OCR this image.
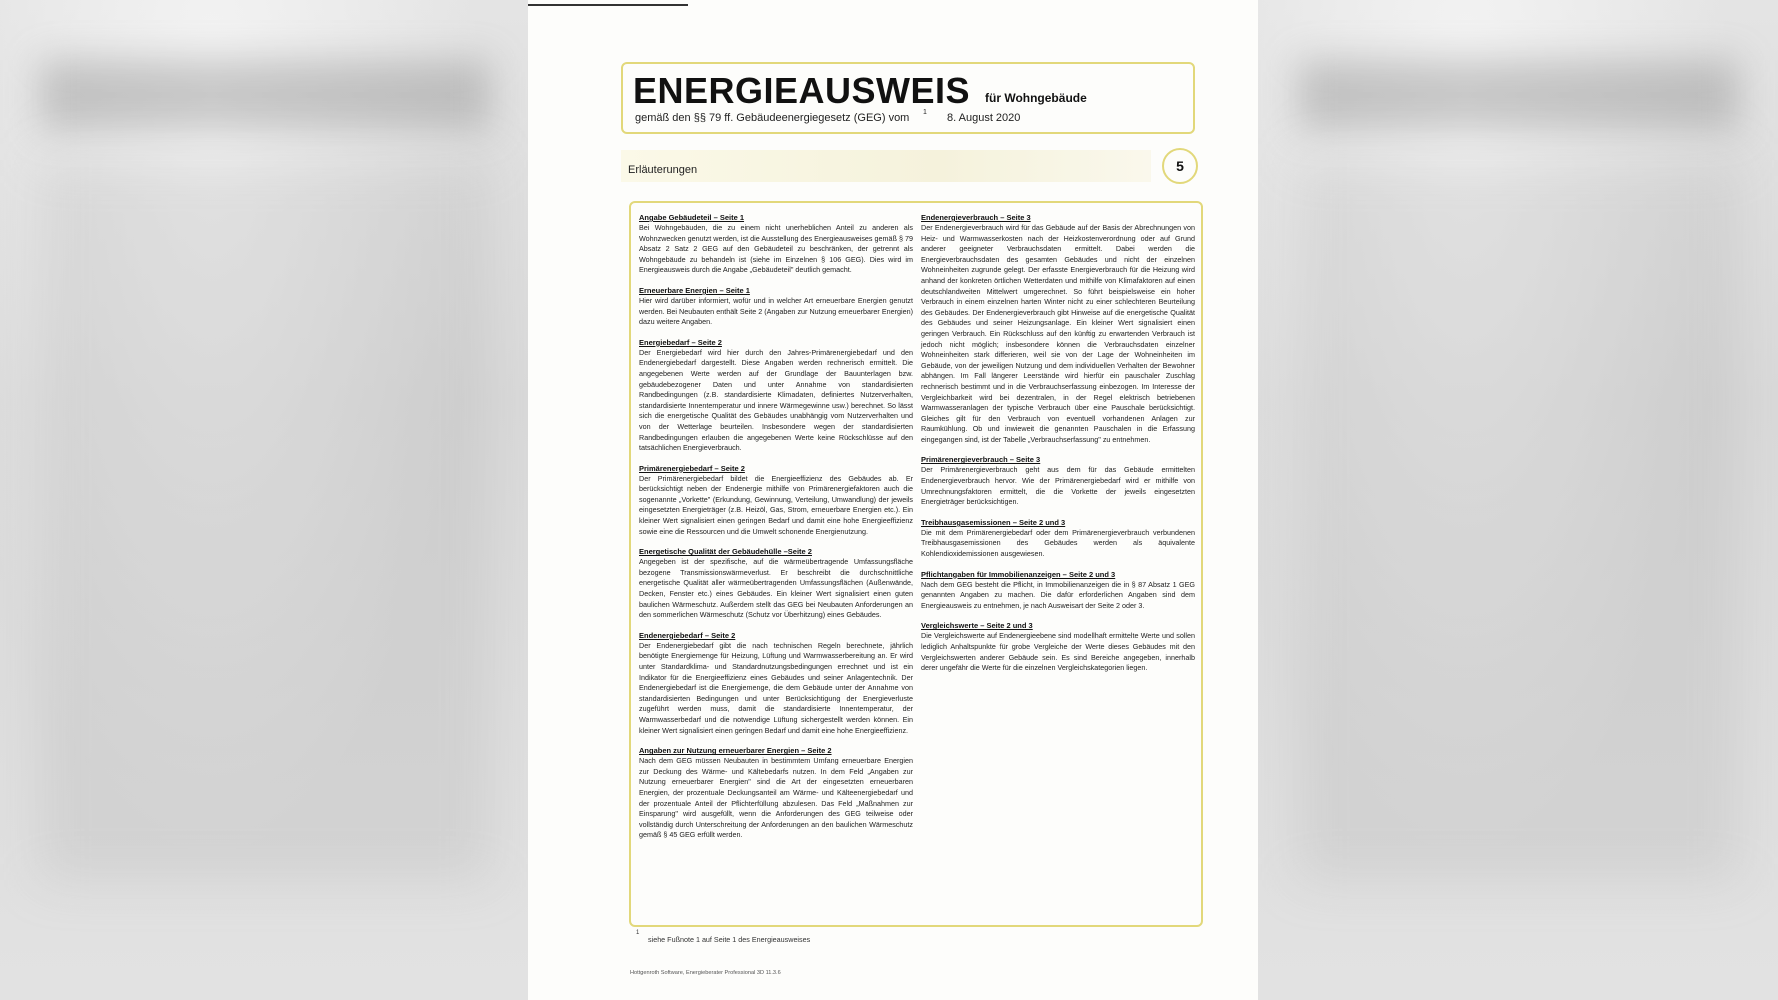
ENERGIEAUSWEIS für Wohngebäude
gemäß den §§ 79 ff. Gebäudeenergiegesetz (GEG) vom 1 8. August 2020
Erläuterungen	5
Angabe Gebäudeteil – Seite 1
Bei Wohngebäuden, die zu einem nicht unerheblichen Anteil zu anderen als Wohnzwecken genutzt werden, ist die Ausstellung des Energieausweises gemäß § 79 Absatz 2 Satz 2 GEG auf den Gebäudeteil zu beschränken, der getrennt als Wohngebäude zu behandeln ist (siehe im Einzelnen § 106 GEG). Dies wird im Energieausweis durch die Angabe „Gebäudeteil" deutlich gemacht.
Erneuerbare Energien – Seite 1
Hier wird darüber informiert, wofür und in welcher Art erneuerbare Energien genutzt werden. Bei Neubauten enthält Seite 2 (Angaben zur Nutzung erneuerbarer Energien) dazu weitere Angaben.
Energiebedarf – Seite 2
Der Energiebedarf wird hier durch den Jahres-Primärenergiebedarf und den Endenergiebedarf dargestellt. Diese Angaben werden rechnerisch ermittelt. Die angegebenen Werte werden auf der Grundlage der Bauunterlagen bzw. gebäudebezogener Daten und unter Annahme von standardisierten Randbedingungen (z.B. standardisierte Klimadaten, definiertes Nutzerverhalten, standardisierte Innentemperatur und innere Wärmegewinne usw.) berechnet. So lässt sich die energetische Qualität des Gebäudes unabhängig vom Nutzerverhalten und von der Wetterlage beurteilen. Insbesondere wegen der standardisierten Randbedingungen erlauben die angegebenen Werte keine Rückschlüsse auf den tatsächlichen Energieverbrauch.
Primärenergiebedarf – Seite 2
Der Primärenergiebedarf bildet die Energieeffizienz des Gebäudes ab. Er berücksichtigt neben der Endenergie mithilfe von Primärenergiefaktoren auch die sogenannte „Vorkette" (Erkundung, Gewinnung, Verteilung, Umwandlung) der jeweils eingesetzten Energieträger (z.B. Heizöl, Gas, Strom, erneuerbare Energien etc.). Ein kleiner Wert signalisiert einen geringen Bedarf und damit eine hohe Energieeffizienz sowie eine die Ressourcen und die Umwelt schonende Energienutzung.
Energetische Qualität der Gebäudehülle –Seite 2
Angegeben ist der spezifische, auf die wärmeübertragende Umfassungsfläche bezogene Transmissionswärmeverlust. Er beschreibt die durchschnittliche energetische Qualität aller wärmeübertragenden Umfassungsflächen (Außenwände, Decken, Fenster etc.) eines Gebäudes. Ein kleiner Wert signalisiert einen guten baulichen Wärmeschutz. Außerdem stellt das GEG bei Neubauten Anforderungen an den sommerlichen Wärmeschutz (Schutz vor Überhitzung) eines Gebäudes.
Endenergiebedarf – Seite 2
Der Endenergiebedarf gibt die nach technischen Regeln berechnete, jährlich benötigte Energiemenge für Heizung, Lüftung und Warmwasserbereitung an. Er wird unter Standardklima- und Standardnutzungsbedingungen errechnet und ist ein Indikator für die Energieeffizienz eines Gebäudes und seiner Anlagentechnik. Der Endenergiebedarf ist die Energiemenge, die dem Gebäude unter der Annahme von standardisierten Bedingungen und unter Berücksichtigung der Energieverluste zugeführt werden muss, damit die standardisierte Innentemperatur, der Warmwasserbedarf und die notwendige Lüftung sichergestellt werden können. Ein kleiner Wert signalisiert einen geringen Bedarf und damit eine hohe Energieeffizienz.
Angaben zur Nutzung erneuerbarer Energien – Seite 2
Nach dem GEG müssen Neubauten in bestimmtem Umfang erneuerbare Energien zur Deckung des Wärme- und Kältebedarfs nutzen. In dem Feld „Angaben zur Nutzung erneuerbarer Energien" sind die Art der eingesetzten erneuerbaren Energien, der prozentuale Deckungsanteil am Wärme- und Kälteenergiebedarf und der prozentuale Anteil der Pflichterfüllung abzulesen. Das Feld „Maßnahmen zur Einsparung" wird ausgefüllt, wenn die Anforderungen des GEG teilweise oder vollständig durch Unterschreitung der Anforderungen an den baulichen Wärmeschutz gemäß § 45 GEG erfüllt werden.
Endenergieverbrauch – Seite 3
Der Endenergieverbrauch wird für das Gebäude auf der Basis der Abrechnungen von Heiz- und Warmwasserkosten nach der Heizkostenverordnung oder auf Grund anderer geeigneter Verbrauchsdaten ermittelt. Dabei werden die Energieverbrauchsdaten des gesamten Gebäudes und nicht der einzelnen Wohneinheiten zugrunde gelegt. Der erfasste Energieverbrauch für die Heizung wird anhand der konkreten örtlichen Wetterdaten und mithilfe von Klimafaktoren auf einen deutschlandweiten Mittelwert umgerechnet. So führt beispielsweise ein hoher Verbrauch in einem einzelnen harten Winter nicht zu einer schlechteren Beurteilung des Gebäudes. Der Endenergieverbrauch gibt Hinweise auf die energetische Qualität des Gebäudes und seiner Heizungsanlage. Ein kleiner Wert signalisiert einen geringen Verbrauch. Ein Rückschluss auf den künftig zu erwartenden Verbrauch ist jedoch nicht möglich; insbesondere können die Verbrauchsdaten einzelner Wohneinheiten stark differieren, weil sie von der Lage der Wohneinheiten im Gebäude, von der jeweiligen Nutzung und dem individuellen Verhalten der Bewohner abhängen. Im Fall längerer Leerstände wird hierfür ein pauschaler Zuschlag rechnerisch bestimmt und in die Verbrauchserfassung einbezogen. Im Interesse der Vergleichbarkeit wird bei dezentralen, in der Regel elektrisch betriebenen Warmwasseranlagen der typische Verbrauch über eine Pauschale berücksichtigt. Gleiches gilt für den Verbrauch von eventuell vorhandenen Anlagen zur Raumkühlung. Ob und inwieweit die genannten Pauschalen in die Erfassung eingegangen sind, ist der Tabelle „Verbrauchserfassung" zu entnehmen.
Primärenergieverbrauch – Seite 3
Der Primärenergieverbrauch geht aus dem für das Gebäude ermittelten Endenergieverbrauch hervor. Wie der Primärenergiebedarf wird er mithilfe von Umrechnungsfaktoren ermittelt, die die Vorkette der jeweils eingesetzten Energieträger berücksichtigen.
Treibhausgasemissionen – Seite 2 und 3
Die mit dem Primärenergiebedarf oder dem Primärenergieverbrauch verbundenen Treibhausgasemissionen des Gebäudes werden als äquivalente Kohlendioxidemissionen ausgewiesen.
Pflichtangaben für Immobilienanzeigen – Seite 2 und 3
Nach dem GEG besteht die Pflicht, in Immobilienanzeigen die in § 87 Absatz 1 GEG genannten Angaben zu machen. Die dafür erforderlichen Angaben sind dem Energieausweis zu entnehmen, je nach Ausweisart der Seite 2 oder 3.
Vergleichswerte – Seite 2 und 3
Die Vergleichswerte auf Endenergieebene sind modellhaft ermittelte Werte und sollen lediglich Anhaltspunkte für grobe Vergleiche der Werte dieses Gebäudes mit den Vergleichswerten anderer Gebäude sein. Es sind Bereiche angegeben, innerhalb derer ungefähr die Werte für die einzelnen Vergleichskategorien liegen.
1
siehe Fußnote 1 auf Seite 1 des Energieausweises
Hottgenroth Software, Energieberater Professional 3D 11.3.6
